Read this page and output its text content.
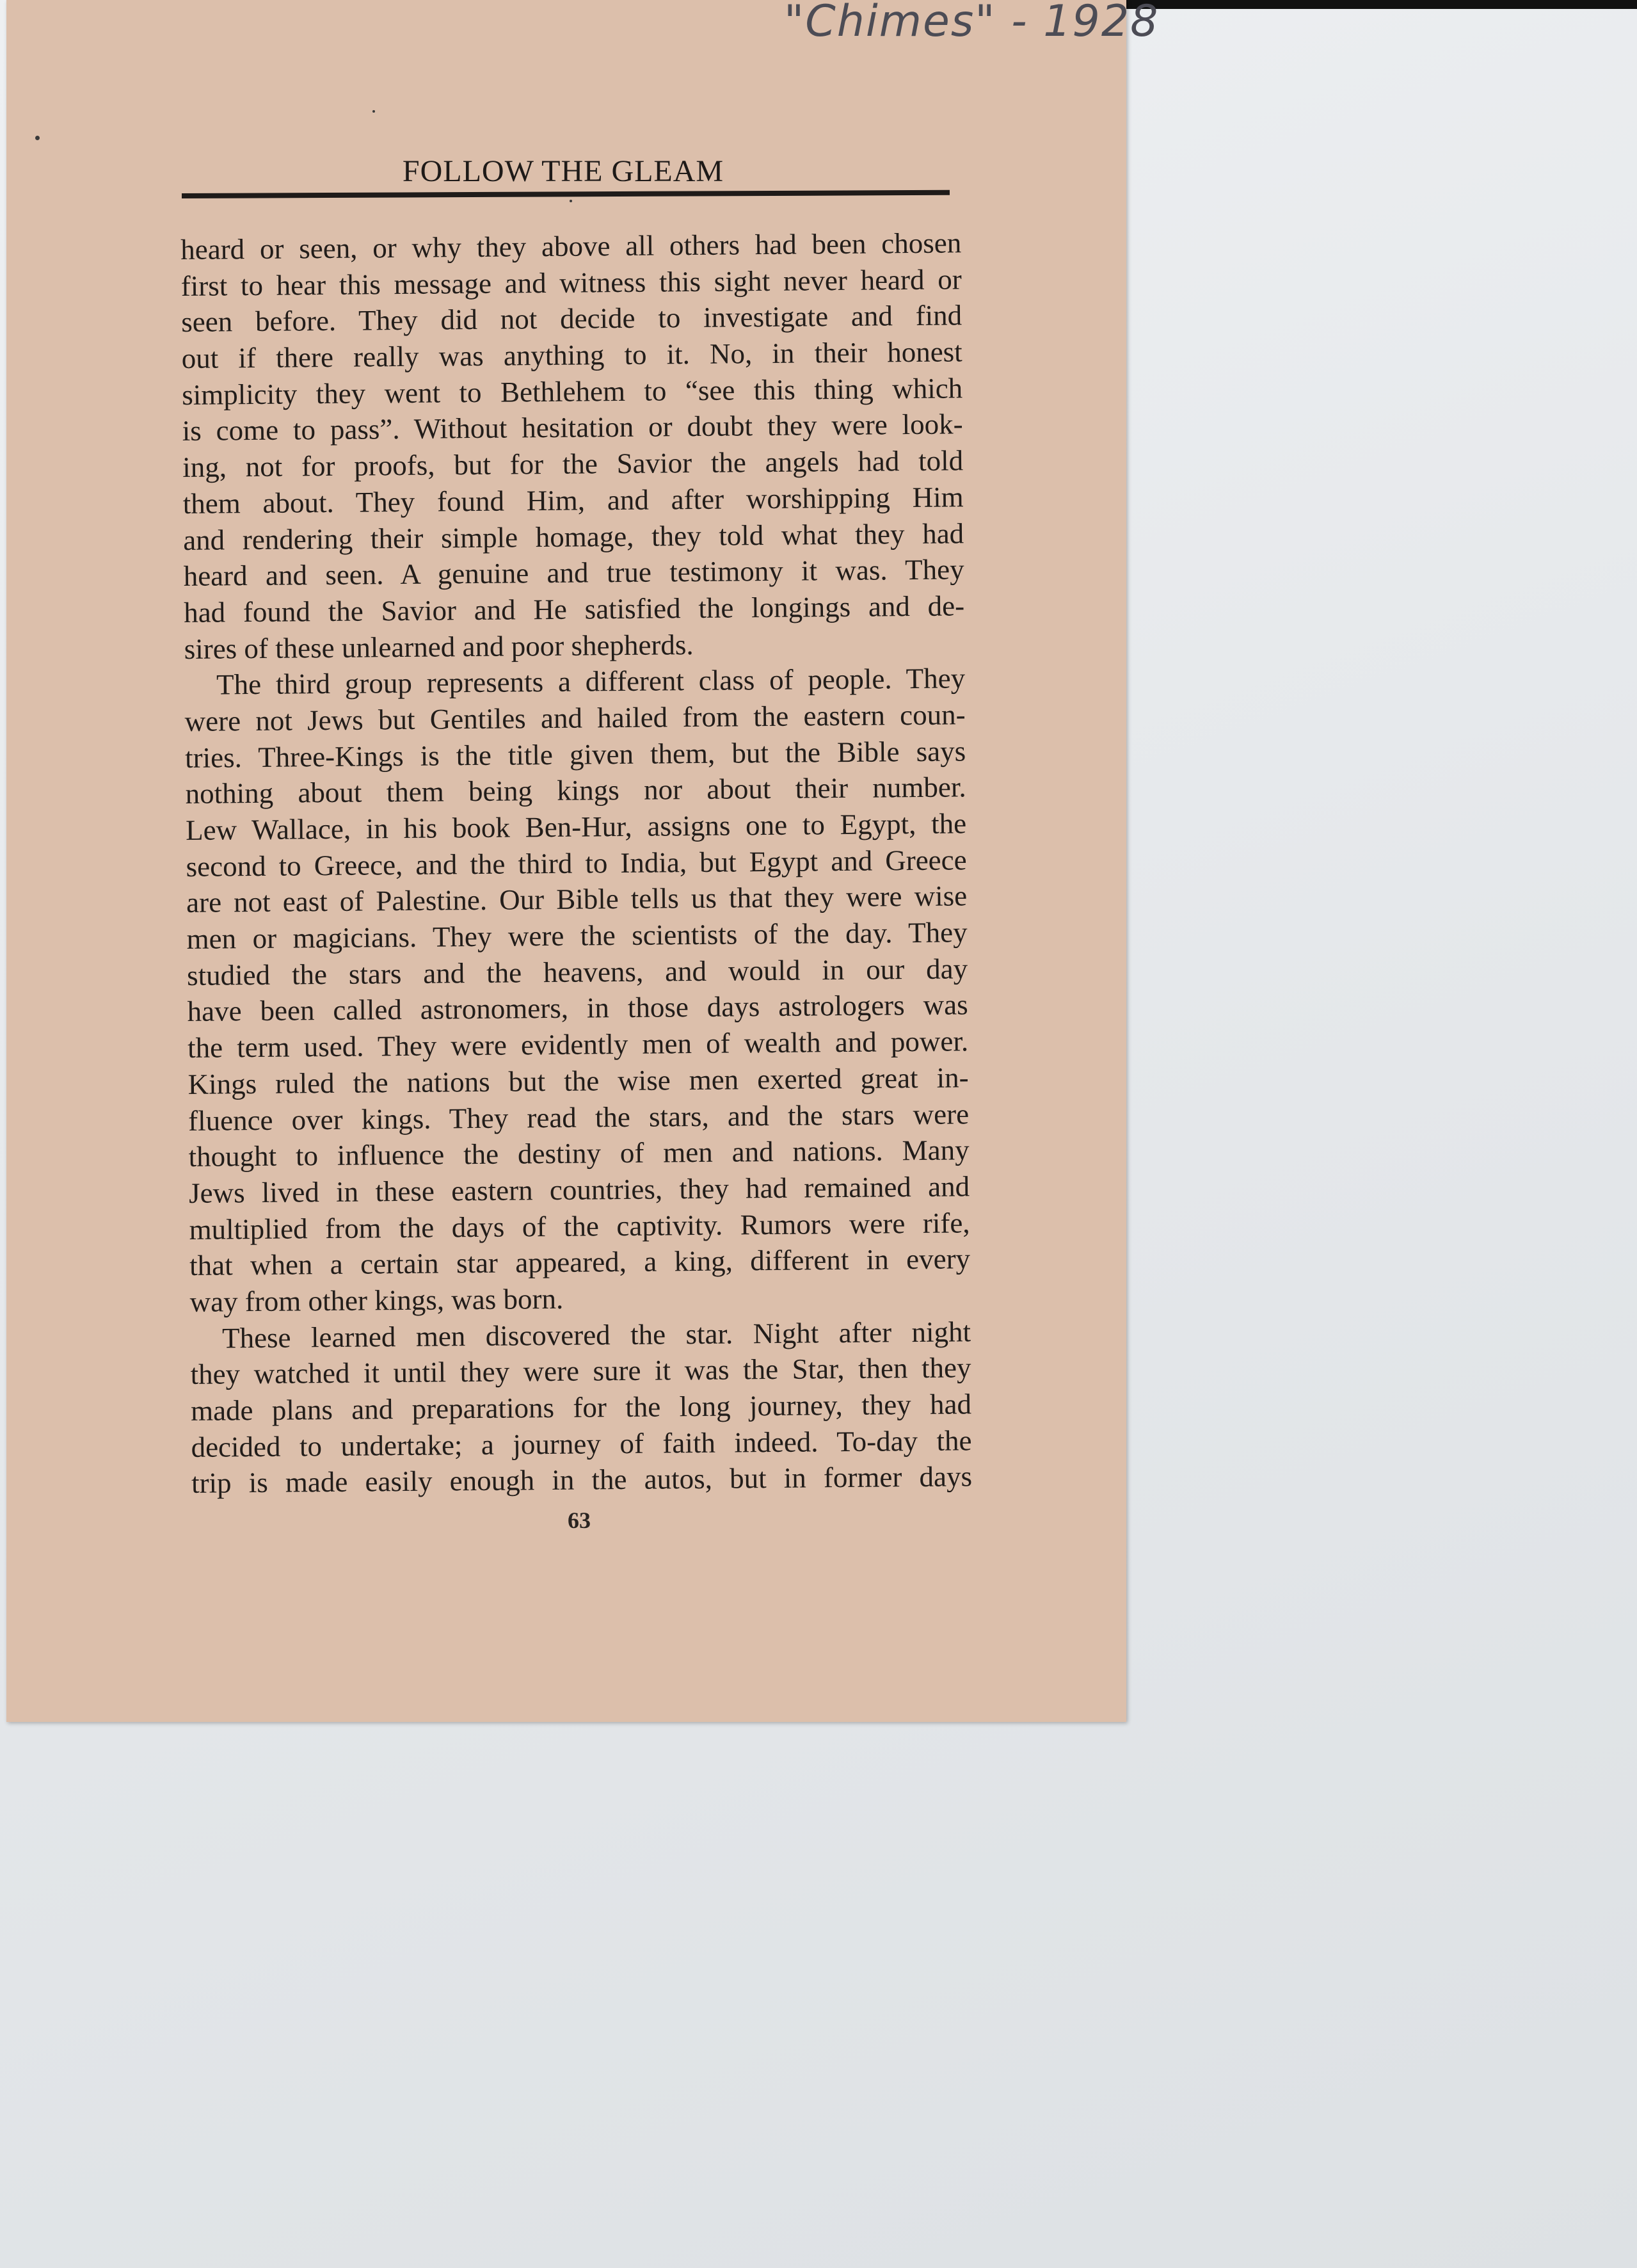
"Chimes" - 1928
FOLLOW THE GLEAM
heard or seen, or why they above all others had been chosen
first to hear this message and witness this sight never heard or
seen before. They did not decide to investigate and find
out if there really was anything to it. No, in their honest
simplicity they went to Bethlehem to “see this thing which
is come to pass”. Without hesitation or doubt they were look-
ing, not for proofs, but for the Savior the angels had told
them about. They found Him, and after worshipping Him
and rendering their simple homage, they told what they had
heard and seen. A genuine and true testimony it was. They
had found the Savior and He satisfied the longings and de-
sires of these unlearned and poor shepherds.
The third group represents a different class of people. They
were not Jews but Gentiles and hailed from the eastern coun-
tries. Three-Kings is the title given them, but the Bible says
nothing about them being kings nor about their number.
Lew Wallace, in his book Ben-Hur, assigns one to Egypt, the
second to Greece, and the third to India, but Egypt and Greece
are not east of Palestine. Our Bible tells us that they were wise
men or magicians. They were the scientists of the day. They
studied the stars and the heavens, and would in our day
have been called astronomers, in those days astrologers was
the term used. They were evidently men of wealth and power.
Kings ruled the nations but the wise men exerted great in-
fluence over kings. They read the stars, and the stars were
thought to influence the destiny of men and nations. Many
Jews lived in these eastern countries, they had remained and
multiplied from the days of the captivity. Rumors were rife,
that when a certain star appeared, a king, different in every
way from other kings, was born.
These learned men discovered the star. Night after night
they watched it until they were sure it was the Star, then they
made plans and preparations for the long journey, they had
decided to undertake; a journey of faith indeed. To-day the
trip is made easily enough in the autos, but in former days
63
